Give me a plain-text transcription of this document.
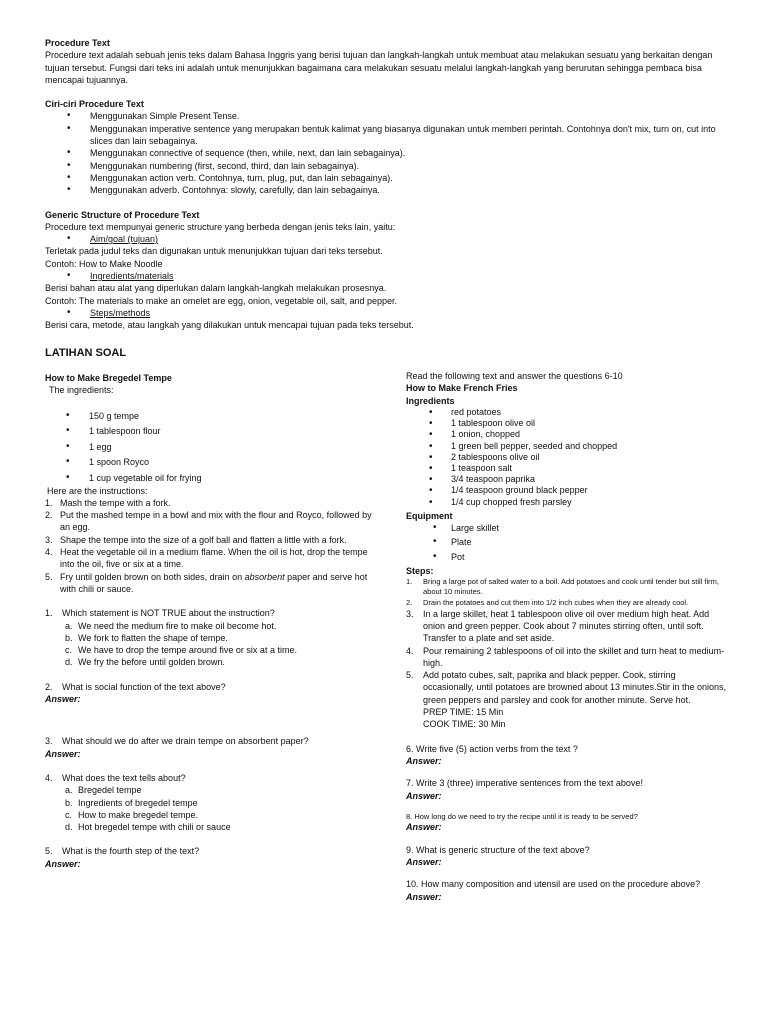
Procedure Text

Procedure text adalah sebuah jenis teks dalam Bahasa Inggris yang berisi tujuan dan langkah-langkah untuk membuat atau melakukan sesuatu yang berkaitan dengan tujuan tersebut. Fungsi dari teks ini adalah untuk menunjukkan bagaimana cara melakukan sesuatu melalui langkah-langkah yang berurutan sehingga pembaca bisa mencapai tujuannya.

Ciri-ciri Procedure Text

• Menggunakan Simple Present Tense.
• Menggunakan imperative sentence yang merupakan bentuk kalimat yang biasanya digunakan untuk memberi perintah. Contohnya don't mix, turn on, cut into slices dan lain sebagainya.
• Menggunakan connective of sequence (then, while, next, dan lain sebagainya).
• Menggunakan numbering (first, second, third, dan lain sebagainya).
• Menggunakan action verb. Contohnya, turn, plug, put, dan lain sebagainya).
• Menggunakan adverb. Contohnya: slowly, carefully, dan lain sebagainya.

Generic Structure of Procedure Text

Procedure text mempunyai generic structure yang berbeda dengan jenis teks lain, yaitu:

• Aim/goal (tujuan)

Terletak pada judul teks dan digunakan untuk menunjukkan tujuan dari teks tersebut.

Contoh: How to Make Noodle

• Ingredients/materials

Berisi bahan atau alat yang diperlukan dalam langkah-langkah melakukan prosesnya.

Contoh: The materials to make an omelet are egg, onion, vegetable oil, salt, and pepper.

• Steps/methods

Berisi cara, metode, atau langkah yang dilakukan untuk mencapai tujuan pada teks tersebut.

LATIHAN SOAL

How to Make Bregedel Tempe

The ingredients:

• 150 g tempe
• 1 tablespoon flour
• 1 egg
• 1 spoon Royco
• 1 cup vegetable oil for frying

Here are the instructions:

1. Mash the tempe with a fork.
2. Put the mashed tempe in a bowl and mix with the flour and Royco, followed by an egg.
3. Shape the tempe into the size of a golf ball and flatten a little with a fork.
4. Heat the vegetable oil in a medium flame. When the oil is hot, drop the tempe into the oil, five or six at a time.
5. Fry until golden brown on both sides, drain on absorbent paper and serve hot with chili or sauce.
1. Which statement is NOT TRUE about the instruction?
a. We need the medium fire to make oil become hot.
b. We fork to flatten the shape of tempe.
c. We have to drop the tempe around five or six at a time.
d. We fry the before until golden brown.
2. What is social function of the text above?

Answer:

3. What should we do after we drain tempe on absorbent paper?

Answer:

4. What does the text tells about?
a. Bregedel tempe
b. Ingredients of bregedel tempe
c. How to make bregedel tempe.
d. Hot bregedel tempe with chili or sauce
5. What is the fourth step of the text?

Answer:

Read the following text and answer the questions 6-10

How to Make French Fries

Ingredients

• red potatoes
• 1 tablespoon olive oil
• 1 onion, chopped
• 1 green bell pepper, seeded and chopped
• 2 tablespoons olive oil
• 1 teaspoon salt
• 3/4 teaspoon paprika
• 1/4 teaspoon ground black pepper
• 1/4 cup chopped fresh parsley

Equipment

• Large skillet
• Plate
• Pot

Steps:

1. Bring a large pot of salted water to a boil. Add potatoes and cook until tender but still firm, about 10 minutes.
2. Drain the potatoes and cut them into 1/2 inch cubes when they are already cool.
3. In a large skillet, heat 1 tablespoon olive oil over medium high heat. Add onion and green pepper. Cook about 7 minutes stirring often, until soft. Transfer to a plate and set aside.
4. Pour remaining 2 tablespoons of oil into the skillet and turn heat to medium-high.
5. Add potato cubes, salt, paprika and black pepper. Cook, stirring occasionally, until potatoes are browned about 13 minutes.Stir in the onions, green peppers and parsley and cook for another minute. Serve hot.

PREP TIME: 15 Min

COOK TIME: 30 Min

6. Write five (5) action verbs from the text ?

Answer:

7. Write 3 (three) imperative sentences from the text above!

Answer:

8. How long do we need to try the recipe until it is ready to be served?

Answer:

9. What is generic structure of the text above?

Answer:

10. How many composition and utensil are used on the procedure above?

Answer:
